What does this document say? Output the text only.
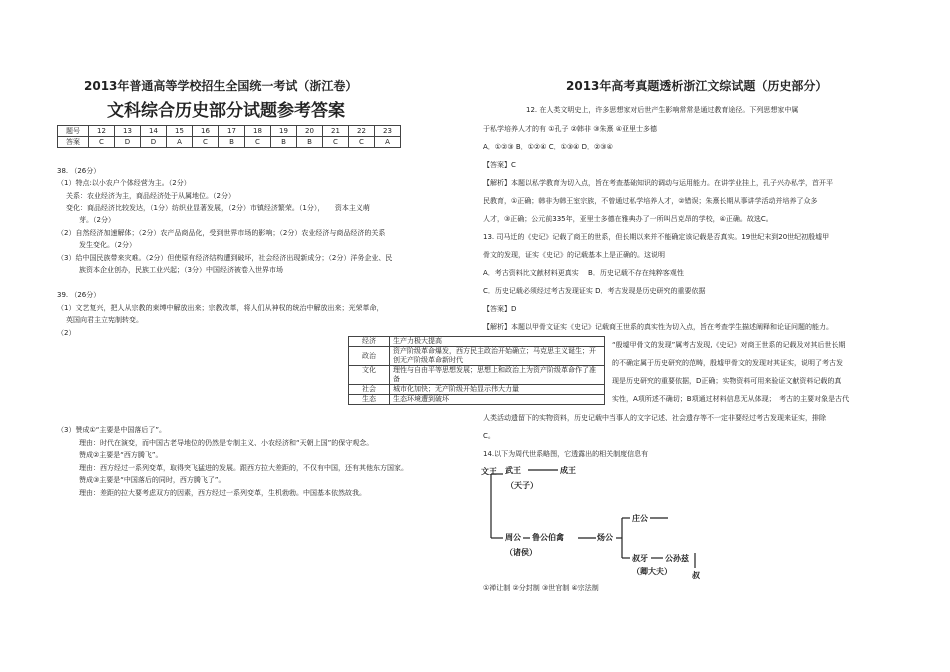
2013年普通高等学校招生全国统一考试（浙江卷）
文科综合历史部分试题参考答案
题号	12	13	14	15	16	17	18	19	20	21	22	23
答案	C	D	D	A	C	B	C	B	B	C	C	A
38. （26分）
（1）特点:以小农户个体经营为主。（2分）
关系：农业经济为主，商品经济处于从属地位。（2分）
变化：商品经济比较发达，（1分）纺织业显著发展，（2分）市镇经济繁荣。（1分），　　资本主义萌
芽。（2分）
（2）自然经济加速解体；（2分）农产品商品化，受到世界市场的影响；（2分）农业经济与商品经济的关系
发生变化。（2分）
（3）给中国民族带来灾难。（2分）但使原有经济结构遭到破坏，社会经济出现新成分；（2分）洋务企业、民
族资本企业创办，民族工业兴起；（3分）中国经济被卷入世界市场
39. （26分）
（1）文艺复兴，把人从宗教的束缚中解放出来；宗教改革，将人们从神权的统治中解放出来；光荣革命，
英国向君主立宪制转变。
（2）
经济	生产力极大提高
政治	资产阶级革命爆发，西方民主政治开始确立；马克思主义诞生；开创无产阶级革命新时代
文化	理性与自由平等思想发展；思想上和政治上为资产阶级革命作了准备
社会	城市化加快；无产阶级开始显示伟大力量
生态	生态环境遭到破坏
（3）赞成①“主要是中国落后了”。
理由：时代在演变，而中国古老导地位的仍然是专制主义、小农经济和“天朝上国”的保守观念。
赞成②主要是“西方腾飞”。
理由：西方经过一系列变革，取得突飞猛进的发展。跟西方拉大差距的，不仅有中国，还有其他东方国家。
赞成③主要是“中国落后的同时，西方腾飞了”。
理由：差距的拉大要考虑双方的因素，西方经过一系列变革，生机勃勃。中国基本依然故我。
2013年高考真题透析浙江文综试题（历史部分）
12. 在人类文明史上，许多思想家对后世产生影响常常是通过教育途径。下列思想家中属
于私学培养人才的有 ①孔子 ②韩非 ③朱熹 ④亚里士多德
A．①②③ B．①②④ C．①③④ D．②③④
【答案】C
【解析】本题以私学教育为切入点，旨在考查基础知识的调动与运用能力。在讲学业挂上，孔子兴办私学，首开平
民教育，①正确；韩非为韩王室宗族，不曾通过私学培养人才，②错误；朱熹长期从事讲学活动并培养了众多
人才，③正确；公元前335年，亚里士多德在雅典办了一所叫吕克昂的学校，④正确。故选C。
13. 司马迁的《史记》记载了商王的世系，但长期以来并不能确定该记载是否真实。19世纪末到20世纪初殷墟甲
骨文的发现，证实《史记》的记载基本上是正确的。这说明
A．考古资料比文献材料更真实　 B．历史记载不存在纯粹客观性
C．历史记载必须经过考古发现证实 D．考古发现是历史研究的重要依据
【答案】D
【解析】本题以甲骨文证实《史记》记载商王世系的真实性为切入点，旨在考查学生描述阐释和论证问题的能力。
“殷墟甲骨文的发现”属考古发现,《史记》对商王世系的记载及对其后世长期
的不确定属于历史研究的范畴，殷墟甲骨文的发现对其证实，说明了考古发
现是历史研究的重要依据，D正确；实物资料可用来验证文献资料记载的真
实性，A项所述不确切；B项通过材料信息无从体现；　考古的主要对象是古代
人类活动遗留下的实物资料，历史记载中当事人的文字记述、社会遗存等不一定非要经过考古发现来证实，排除
C。
14.以下为周代世系略图，它透露出的相关制度信息有
文王 武王	成王
（天子）
周公 鲁公伯禽	炀公
（诸侯）
庄公
叔牙 公孙兹
（卿大夫）	叔
①禅让制 ②分封制 ③世官制 ④宗法制
